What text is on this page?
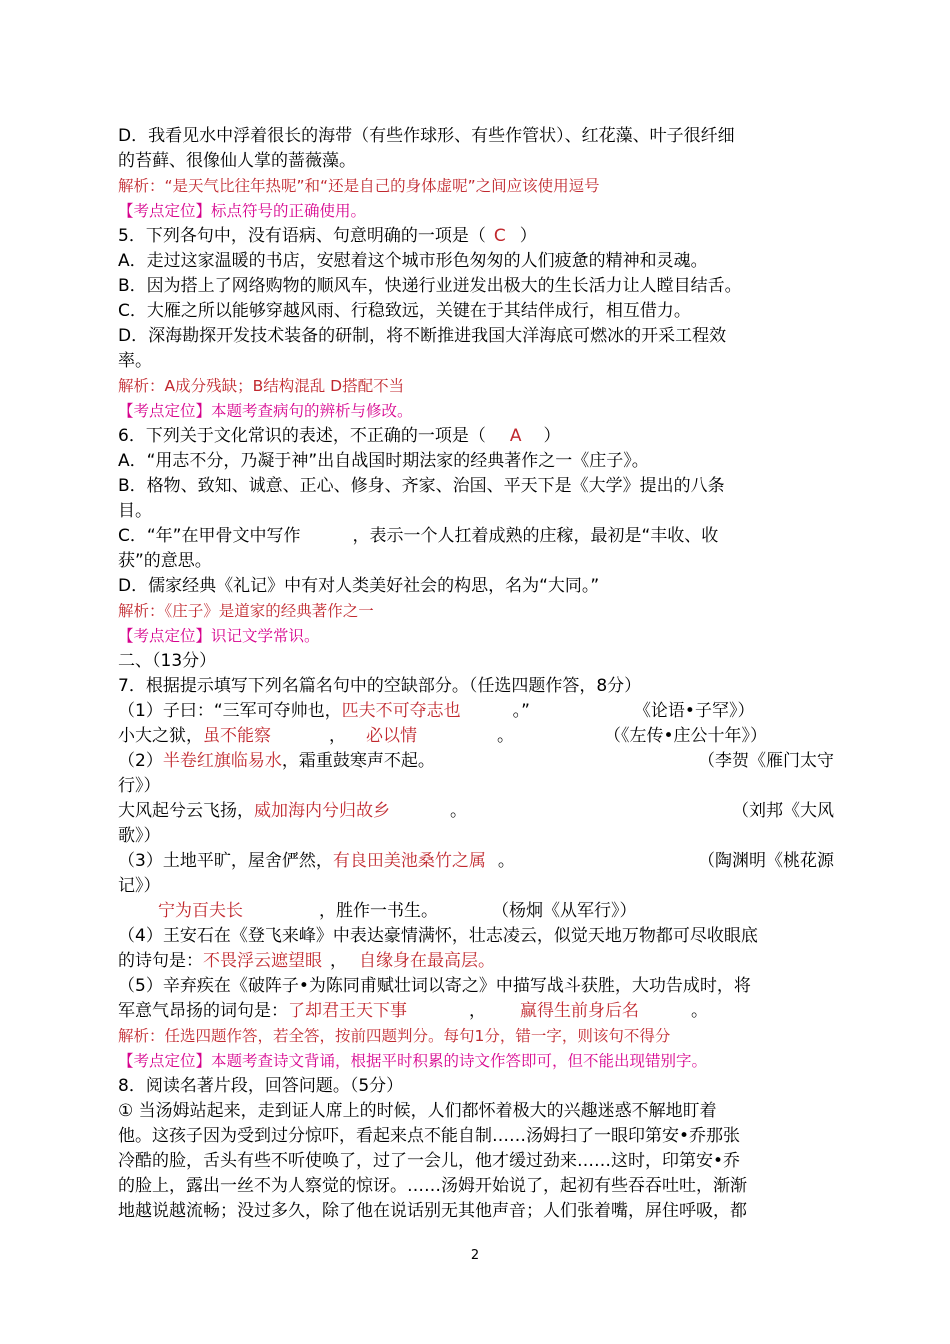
D．我看见水中浮着很长的海带（有些作球形、有些作管状）、红花藻、叶子很纤细
的苔藓、很像仙人掌的蔷薇藻。
解析：“是天气比往年热呢”和“还是自己的身体虚呢”之间应该使用逗号
【考点定位】标点符号的正确使用。
5．下列各句中，没有语病、句意明确的一项是（ C ）
A．走过这家温暖的书店，安慰着这个城市形色匆匆的人们疲惫的精神和灵魂。
B．因为搭上了网络购物的顺风车，快递行业迸发出极大的生长活力让人瞠目结舌。
C．大雁之所以能够穿越风雨、行稳致远，关键在于其结伴成行，相互借力。
D．深海勘探开发技术装备的研制，将不断推进我国大洋海底可燃冰的开采工程效
率。
解析：A成分残缺；B结构混乱 D搭配不当
【考点定位】本题考查病句的辨析与修改。
6．下列关于文化常识的表述，不正确的一项是（ A ）
A．“用志不分，乃凝于神”出自战国时期法家的经典著作之一《庄子》。
B．格物、致知、诚意、正心、修身、齐家、治国、平天下是《大学》提出的八条
目。
C．“年”在甲骨文中写作	，表示一个人扛着成熟的庄稼，最初是“丰收、收
获”的意思。
D．儒家经典《礼记》中有对人类美好社会的构思，名为“大同。”
解析：《庄子》是道家的经典著作之一
【考点定位】识记文学常识。
二、（13分）
7．根据提示填写下列名篇名句中的空缺部分。（任选四题作答，8分）
（1）子曰：“三军可夺帅也，匹夫不可夺志也	。”	《论语•子罕》）
小大之狱，虽不能察	， 必以情	。	（《左传•庄公十年》）
（2）半卷红旗临易水，霜重鼓寒声不起。	（李贺《雁门太守
行》）
大风起兮云飞扬，威加海内兮归故乡	。	（刘邦《大风
歌》）
（3）土地平旷，屋舍俨然，有良田美池桑竹之属 。	（陶渊明《桃花源
记》）
宁为百夫长	，胜作一书生。	（杨炯《从军行》）
（4）王安石在《登飞来峰》中表达豪情满怀，壮志凌云，似觉天地万物都可尽收眼底
的诗句是：不畏浮云遮望眼 ， 自缘身在最高层。
（5）辛弃疾在《破阵子•为陈同甫赋壮词以寄之》中描写战斗获胜，大功告成时，将
军意气昂扬的词句是：了却君王天下事	， 赢得生前身后名	。
解析：任选四题作答，若全答，按前四题判分。每句1分，错一字，则该句不得分
【考点定位】本题考查诗文背诵，根据平时积累的诗文作答即可，但不能出现错别字。
8．阅读名著片段，回答问题。（5分）
① 当汤姆站起来，走到证人席上的时候，人们都怀着极大的兴趣迷惑不解地盯着
他。这孩子因为受到过分惊吓，看起来点不能自制……汤姆扫了一眼印第安•乔那张
冷酷的脸，舌头有些不听使唤了，过了一会儿，他才缓过劲来……这时，印第安•乔
的脸上，露出一丝不为人察觉的惊讶。……汤姆开始说了，起初有些吞吞吐吐，渐渐
地越说越流畅；没过多久，除了他在说话别无其他声音；人们张着嘴，屏住呼吸，都
2
